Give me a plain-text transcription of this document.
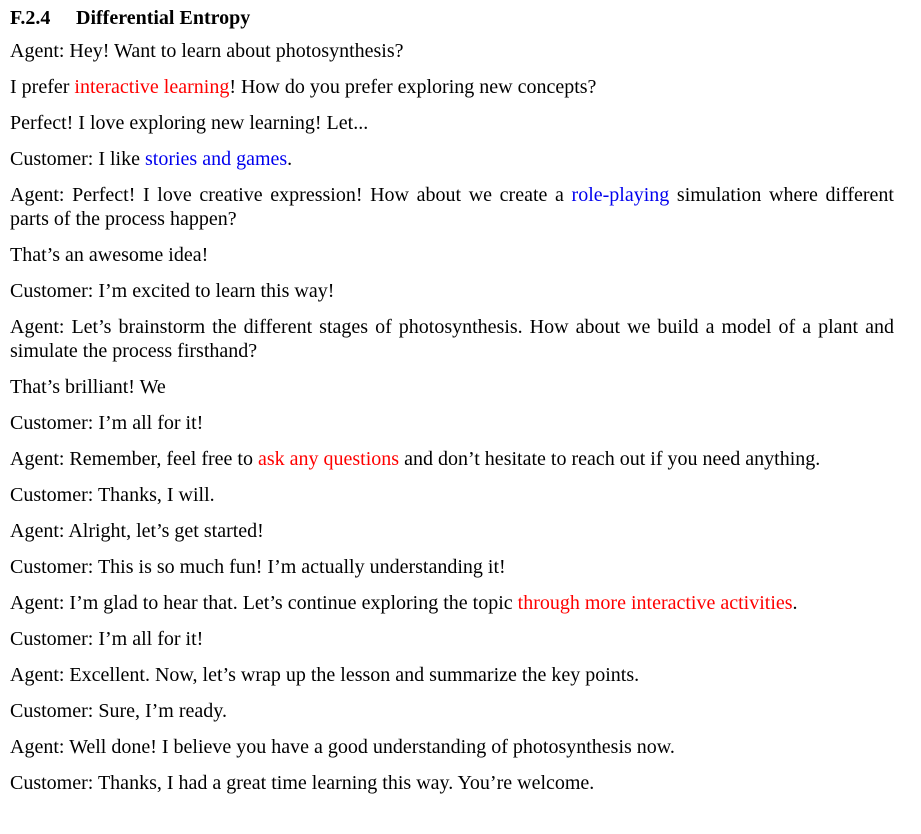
F.2.4 Differential Entropy
Agent: Hey! Want to learn about photosynthesis?
I prefer interactive learning! How do you prefer exploring new concepts?
Perfect! I love exploring new learning! Let...
Customer: I like stories and games.
Agent: Perfect! I love creative expression! How about we create a role-playing simulation where different parts of the process happen?
That’s an awesome idea!
Customer: I’m excited to learn this way!
Agent: Let’s brainstorm the different stages of photosynthesis. How about we build a model of a plant and simulate the process firsthand?
That’s brilliant! We
Customer: I’m all for it!
Agent: Remember, feel free to ask any questions and don’t hesitate to reach out if you need anything.
Customer: Thanks, I will.
Agent: Alright, let’s get started!
Customer: This is so much fun! I’m actually understanding it!
Agent: I’m glad to hear that. Let’s continue exploring the topic through more interactive activities.
Customer: I’m all for it!
Agent: Excellent. Now, let’s wrap up the lesson and summarize the key points.
Customer: Sure, I’m ready.
Agent: Well done! I believe you have a good understanding of photosynthesis now.
Customer: Thanks, I had a great time learning this way. You’re welcome.
